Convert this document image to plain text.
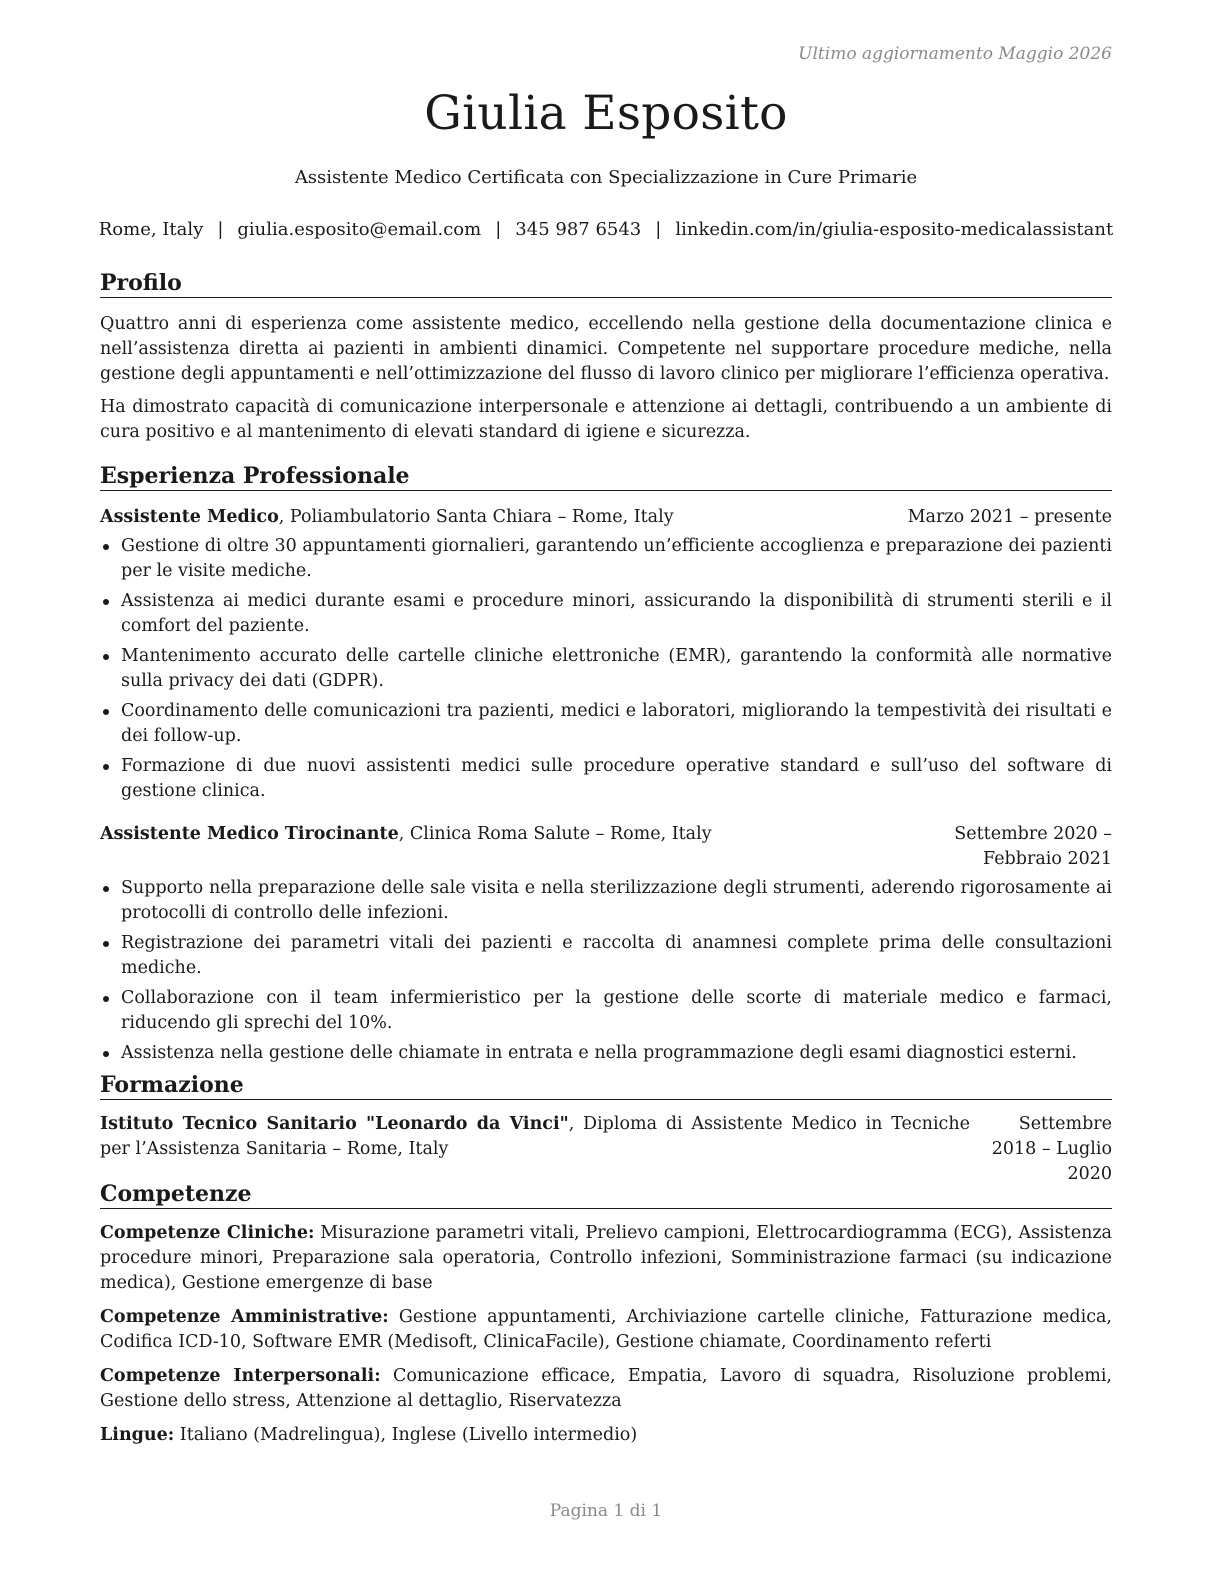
Ultimo aggiornamento Maggio 2026
Giulia Esposito
Assistente Medico Certificata con Specializzazione in Cure Primarie
Rome, Italy | giulia.esposito@email.com | 345 987 6543 | linkedin.com/in/giulia-esposito-medicalassistant
Profilo

Quattro anni di esperienza come assistente medico, eccellendo nella gestione della documentazione clinica e nell’assistenza diretta ai pazienti in ambienti dinamici. Competente nel supportare procedure mediche, nella gestione degli appuntamenti e nell’ottimizzazione del flusso di lavoro clinico per migliorare l’efficienza operativa.

Ha dimostrato capacità di comunicazione interpersonale e attenzione ai dettagli, contribuendo a un ambiente di cura positivo e al mantenimento di elevati standard di igiene e sicurezza.

Esperienza Professionale
Assistente Medico, Poliambulatorio Santa Chiara – Rome, Italy	Marzo 2021 – presente
Gestione di oltre 30 appuntamenti giornalieri, garantendo un’efficiente accoglienza e preparazione dei pazienti per le visite mediche.
Assistenza ai medici durante esami e procedure minori, assicurando la disponibilità di strumenti sterili e il comfort del paziente.
Mantenimento accurato delle cartelle cliniche elettroniche (EMR), garantendo la conformità alle normative sulla privacy dei dati (GDPR).
Coordinamento delle comunicazioni tra pazienti, medici e laboratori, migliorando la tempestività dei risultati e dei follow-up.
Formazione di due nuovi assistenti medici sulle procedure operative standard e sull’uso del software di gestione clinica.
Assistente Medico Tirocinante, Clinica Roma Salute – Rome, Italy	Settembre 2020 – Febbraio 2021
Supporto nella preparazione delle sale visita e nella sterilizzazione degli strumenti, aderendo rigorosamente ai protocolli di controllo delle infezioni.
Registrazione dei parametri vitali dei pazienti e raccolta di anamnesi complete prima delle consultazioni mediche.
Collaborazione con il team infermieristico per la gestione delle scorte di materiale medico e farmaci, riducendo gli sprechi del 10%.
Assistenza nella gestione delle chiamate in entrata e nella programmazione degli esami diagnostici esterni.
Formazione
Istituto Tecnico Sanitario "Leonardo da Vinci", Diploma di Assistente Medico in Tecniche per l’Assistenza Sanitaria – Rome, Italy
Settembre 2018 – Luglio 2020
Competenze

Competenze Cliniche: Misurazione parametri vitali, Prelievo campioni, Elettrocardiogramma (ECG), Assistenza procedure minori, Preparazione sala operatoria, Controllo infezioni, Somministrazione farmaci (su indicazione medica), Gestione emergenze di base

Competenze Amministrative: Gestione appuntamenti, Archiviazione cartelle cliniche, Fatturazione medica, Codifica ICD-10, Software EMR (Medisoft, ClinicaFacile), Gestione chiamate, Coordinamento referti

Competenze Interpersonali: Comunicazione efficace, Empatia, Lavoro di squadra, Risoluzione problemi, Gestione dello stress, Attenzione al dettaglio, Riservatezza

Lingue: Italiano (Madrelingua), Inglese (Livello intermedio)

Pagina 1 di 1
